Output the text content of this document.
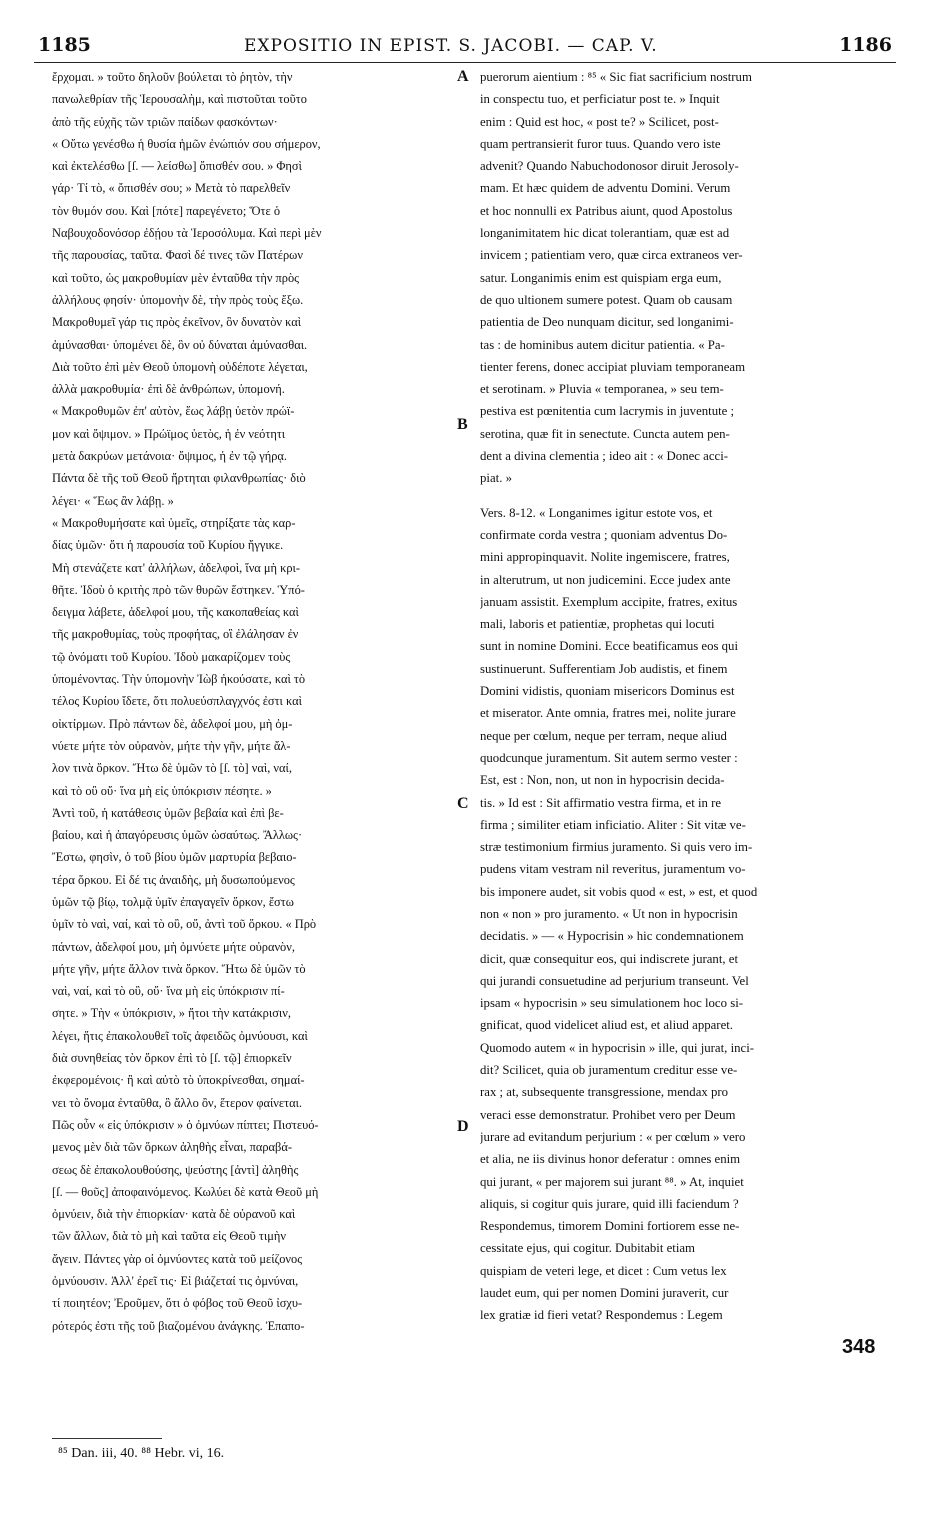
1185	EXPOSITIO IN EPIST. S. JACOBI. — CAP. V.	1186
ἔρχομαι. » τοῦτο δηλοῦν βούλεται τὸ ῥητὸν, τὴν
πανωλεθρίαν τῆς Ἱερουσαλὴμ, καὶ πιστοῦται τοῦτο
ἀπὸ τῆς εὐχῆς τῶν τριῶν παίδων φασκόντων·
« Οὕτω γενέσθω ἡ θυσία ἡμῶν ἐνώπιόν σου σήμερον,
καὶ ἐκτελέσθω [ſ. — λείσθω] ὄπισθέν σου. » Φησὶ
γάρ· Τί τὸ, « ὄπισθέν σου; » Μετὰ τὸ παρελθεῖν
τὸν θυμόν σου. Καὶ [πότε] παρεγένετο; Ὅτε ὁ
Ναβουχοδονόσορ ἐδῄου τὰ Ἱεροσόλυμα. Καὶ περὶ μὲν
τῆς παρουσίας, ταῦτα. Φασὶ δέ τινες τῶν Πατέρων
καὶ τοῦτο, ὡς μακροθυμίαν μὲν ἐνταῦθα τὴν πρὸς
ἀλλήλους φησίν· ὑπομονὴν δὲ, τὴν πρὸς τοὺς ἔξω.
Μακροθυμεῖ γάρ τις πρὸς ἐκεῖνον, ὃν δυνατὸν καὶ
ἀμύνασθαι· ὑπομένει δὲ, ὃν οὐ δύναται ἀμύνασθαι.
Διὰ τοῦτο ἐπὶ μὲν Θεοῦ ὑπομονὴ οὐδέποτε λέγεται,
ἀλλὰ μακροθυμία· ἐπὶ δὲ ἀνθρώπων, ὑπομονή.
« Μακροθυμῶν ἐπ' αὐτὸν, ἕως λάβῃ ὑετὸν πρώϊ-
μον καὶ ὄψιμον. » Πρώϊμος ὑετὸς, ἡ ἐν νεότητι
μετὰ δακρύων μετάνοια· ὄψιμος, ἡ ἐν τῷ γήρᾳ.
Πάντα δὲ τῆς τοῦ Θεοῦ ἤρτηται φιλανθρωπίας· διὸ
λέγει· « Ἕως ἂν λάβῃ. »
« Μακροθυμήσατε καὶ ὑμεῖς, στηρίξατε τὰς καρ-
δίας ὑμῶν· ὅτι ἡ παρουσία τοῦ Κυρίου ἤγγικε.
Μὴ στενάζετε κατ' ἀλλήλων, ἀδελφοὶ, ἵνα μὴ κρι-
θῆτε. Ἰδοὺ ὁ κριτὴς πρὸ τῶν θυρῶν ἕστηκεν. Ὑπό-
δειγμα λάβετε, ἀδελφοί μου, τῆς κακοπαθείας καὶ
τῆς μακροθυμίας, τοὺς προφήτας, οἳ ἐλάλησαν ἐν
τῷ ὀνόματι τοῦ Κυρίου. Ἰδοὺ μακαρίζομεν τοὺς
ὑπομένοντας. Τὴν ὑπομονὴν Ἰὼβ ἠκούσατε, καὶ τὸ
τέλος Κυρίου ἴδετε, ὅτι πολυεύσπλαγχνός ἐστι καὶ
οἰκτίρμων. Πρὸ πάντων δὲ, ἀδελφοί μου, μὴ ὀμ-
νύετε μήτε τὸν οὐρανὸν, μήτε τὴν γῆν, μήτε ἄλ-
λον τινὰ ὅρκον. Ἤτω δὲ ὑμῶν τὸ [ſ. τὸ] ναὶ, ναί,
καὶ τὸ οὒ οὔ· ἵνα μὴ εἰς ὑπόκρισιν πέσητε. »
Ἀντὶ τοῦ, ἡ κατάθεσις ὑμῶν βεβαία καὶ ἐπὶ βε-
βαίου, καὶ ἡ ἀπαγόρευσις ὑμῶν ὡσαύτως. Ἄλλως·
Ἔστω, φησὶν, ὁ τοῦ βίου ὑμῶν μαρτυρία βεβαιο-
τέρα ὅρκου. Εἰ δέ τις ἀναιδὴς, μὴ δυσωπούμενος
ὑμῶν τῷ βίῳ, τολμᾷ ὑμῖν ἐπαγαγεῖν ὅρκον, ἔστω
ὑμῖν τὸ ναὶ, ναί, καὶ τὸ οὒ, οὔ, ἀντὶ τοῦ ὅρκου. « Πρὸ
πάντων, ἀδελφοί μου, μὴ ὀμνύετε μήτε οὐρανὸν,
μήτε γῆν, μήτε ἄλλον τινὰ ὅρκον. Ἤτω δὲ ὑμῶν τὸ
ναὶ, ναί, καὶ τὸ οὒ, οὔ· ἵνα μὴ εἰς ὑπόκρισιν πί-
σητε. » Τὴν « ὑπόκρισιν, » ἤτοι τὴν κατάκρισιν,
λέγει, ἥτις ἐπακολουθεῖ τοῖς ἀφειδῶς ὀμνύουσι, καὶ
διὰ συνηθείας τὸν ὅρκον ἐπὶ τὸ [ſ. τῷ] ἐπιορκεῖν
ἐκφερομένοις· ἢ καὶ αὐτὸ τὸ ὑποκρίνεσθαι, σημαί-
νει τὸ ὄνομα ἐνταῦθα, ὃ ἄλλο ὂν, ἕτερον φαίνεται.
Πῶς οὖν « εἰς ὑπόκρισιν » ὁ ὀμνύων πίπτει; Πιστευό-
μενος μὲν διὰ τῶν ὅρκων ἀληθὴς εἶναι, παραβά-
σεως δὲ ἐπακολουθούσης, ψεύστης [ἀντὶ] ἀληθὴς
[ſ. — θοῦς] ἀποφαινόμενος. Κωλύει δὲ κατὰ Θεοῦ μὴ
ὀμνύειν, διὰ τὴν ἐπιορκίαν· κατὰ δὲ οὐρανοῦ καὶ
τῶν ἄλλων, διὰ τὸ μὴ καὶ ταῦτα εἰς Θεοῦ τιμὴν
ἄγειν. Πάντες γὰρ οἱ ὀμνύοντες κατὰ τοῦ μείζονος
ὀμνύουσιν. Ἀλλ' ἐρεῖ τις· Εἰ βιάζεταί τις ὀμνύναι,
τί ποιητέον; Ἐροῦμεν, ὅτι ὁ φόβος τοῦ Θεοῦ ἰσχυ-
ρότερός ἐστι τῆς τοῦ βιαζομένου ἀνάγκης. Ἐπαπο-
puerorum aientium : ⁸⁵ « Sic fiat sacrificium nostrum
in conspectu tuo, et perficiatur post te. » Inquit
enim : Quid est hoc, « post te? » Scilicet, post-
quam pertransierit furor tuus. Quando vero iste
advenit? Quando Nabuchodonosor diruit Jerosoly-
mam. Et hæc quidem de adventu Domini. Verum
et hoc nonnulli ex Patribus aiunt, quod Apostolus
longanimitatem hic dicat tolerantiam, quæ est ad
invicem ; patientiam vero, quæ circa extraneos ver-
satur. Longanimis enim est quispiam erga eum,
de quo ultionem sumere potest. Quam ob causam
patientia de Deo nunquam dicitur, sed longanimi-
tas : de hominibus autem dicitur patientia. « Pa-
tienter ferens, donec accipiat pluviam temporaneam
et serotinam. » Pluvia « temporanea, » seu tem-
pestiva est pœnitentia cum lacrymis in juventute ;
serotina, quæ fit in senectute. Cuncta autem pen-
dent a divina clementia ; ideo ait : « Donec acci-
piat. »
Vers. 8-12. « Longanimes igitur estote vos, et
confirmate corda vestra ; quoniam adventus Do-
mini appropinquavit. Nolite ingemiscere, fratres,
in alterutrum, ut non judicemini. Ecce judex ante
januam assistit. Exemplum accipite, fratres, exitus
mali, laboris et patientiæ, prophetas qui locuti
sunt in nomine Domini. Ecce beatificamus eos qui
sustinuerunt. Sufferentiam Job audistis, et finem
Domini vidistis, quoniam misericors Dominus est
et miserator. Ante omnia, fratres mei, nolite jurare
neque per cœlum, neque per terram, neque aliud
quodcunque juramentum. Sit autem sermo vester :
Est, est : Non, non, ut non in hypocrisin decida-
tis. » Id est : Sit affirmatio vestra firma, et in re
firma ; similiter etiam inficiatio. Aliter : Sit vitæ ve-
stræ testimonium firmius juramento. Si quis vero im-
pudens vitam vestram nil reveritus, juramentum vo-
bis imponere audet, sit vobis quod « est, » est, et quod
non « non » pro juramento. « Ut non in hypocrisin
decidatis. » — « Hypocrisin » hic condemnationem
dicit, quæ consequitur eos, qui indiscrete jurant, et
qui jurandi consuetudine ad perjurium transeunt. Vel
ipsam « hypocrisin » seu simulationem hoc loco si-
gnificat, quod videlicet aliud est, et aliud apparet.
Quomodo autem « in hypocrisin » ille, qui jurat, inci-
dit? Scilicet, quia ob juramentum creditur esse ve-
rax ; at, subsequente transgressione, mendax pro
veraci esse demonstratur. Prohibet vero per Deum
jurare ad evitandum perjurium : « per cœlum » vero
et alia, ne iis divinus honor deferatur : omnes enim
qui jurant, « per majorem sui jurant ⁸⁸. » At, inquiet
aliquis, si cogitur quis jurare, quid illi faciendum ?
Respondemus, timorem Domini fortiorem esse ne-
cessitate ejus, qui cogitur. Dubitabit etiam
quispiam de veteri lege, et dicet : Cum vetus lex
laudet eum, qui per nomen Domini juraverit, cur
lex gratiæ id fieri vetat? Respondemus : Legem
A
B
C
D
348
⁸⁵ Dan. iii, 40. ⁸⁸ Hebr. vi, 16.
